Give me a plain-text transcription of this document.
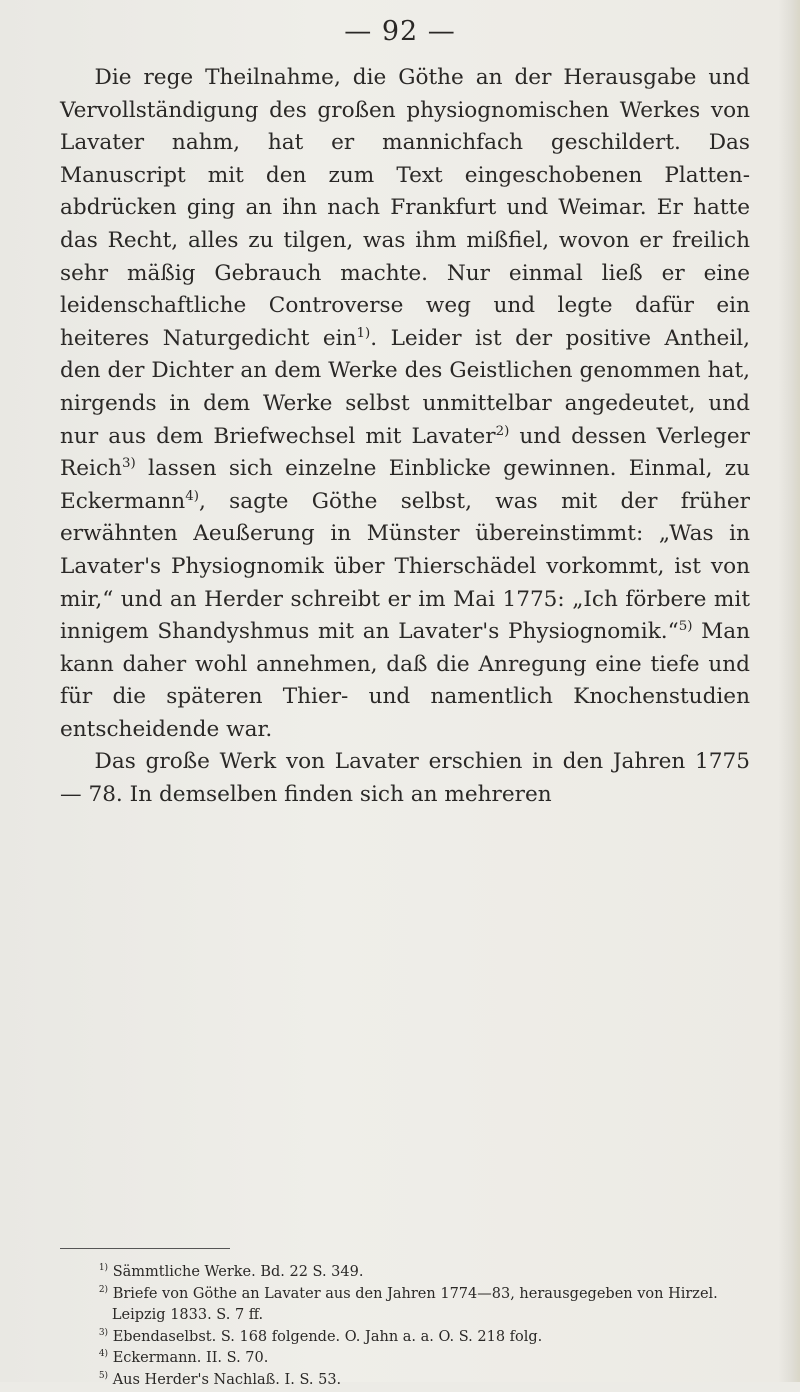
— 92 —

Die rege Theilnahme, die Göthe an der Herausgabe und Vervollständigung des großen physiognomischen Werkes von Lavater nahm, hat er mannichfach geschildert. Das Manuscript mit den zum Text eingeschobenen Platten-abdrücken ging an ihn nach Frankfurt und Weimar. Er hatte das Recht, alles zu tilgen, was ihm mißfiel, wovon er freilich sehr mäßig Gebrauch machte. Nur einmal ließ er eine leidenschaftliche Controverse weg und legte dafür ein heiteres Naturgedicht ein$^{1)}$. Leider ist der positive Antheil, den der Dichter an dem Werke des Geistlichen genommen hat, nirgends in dem Werke selbst unmittelbar angedeutet, und nur aus dem Briefwechsel mit Lavater$^{2)}$ und dessen Verleger Reich$^{3)}$ lassen sich einzelne Einblicke gewinnen. Einmal, zu Eckermann$^{4)}$, sagte Göthe selbst, was mit der früher erwähnten Aeußerung in Münster übereinstimmt: „Was in Lavater's Physiognomik über Thierschädel vorkommt, ist von mir,“ und an Herder schreibt er im Mai 1775: „Ich förbere mit innigem Shandyshmus mit an Lavater's Physiognomik.“$^{5)}$ Man kann daher wohl annehmen, daß die Anregung eine tiefe und für die späteren Thier- und namentlich Knochenstudien entscheidende war.

Das große Werk von Lavater erschien in den Jahren 1775 — 78. In demselben finden sich an mehreren

$^{1)}$ Sämmtliche Werke. Bd. 22 S. 349.
$^{2)}$ Briefe von Göthe an Lavater aus den Jahren 1774—83, herausgegeben von Hirzel. Leipzig 1833. S. 7 ff.
$^{3)}$ Ebendaselbst. S. 168 folgende. O. Jahn a. a. O. S. 218 folg.
$^{4)}$ Eckermann. II. S. 70.
$^{5)}$ Aus Herder's Nachlaß. I. S. 53.
